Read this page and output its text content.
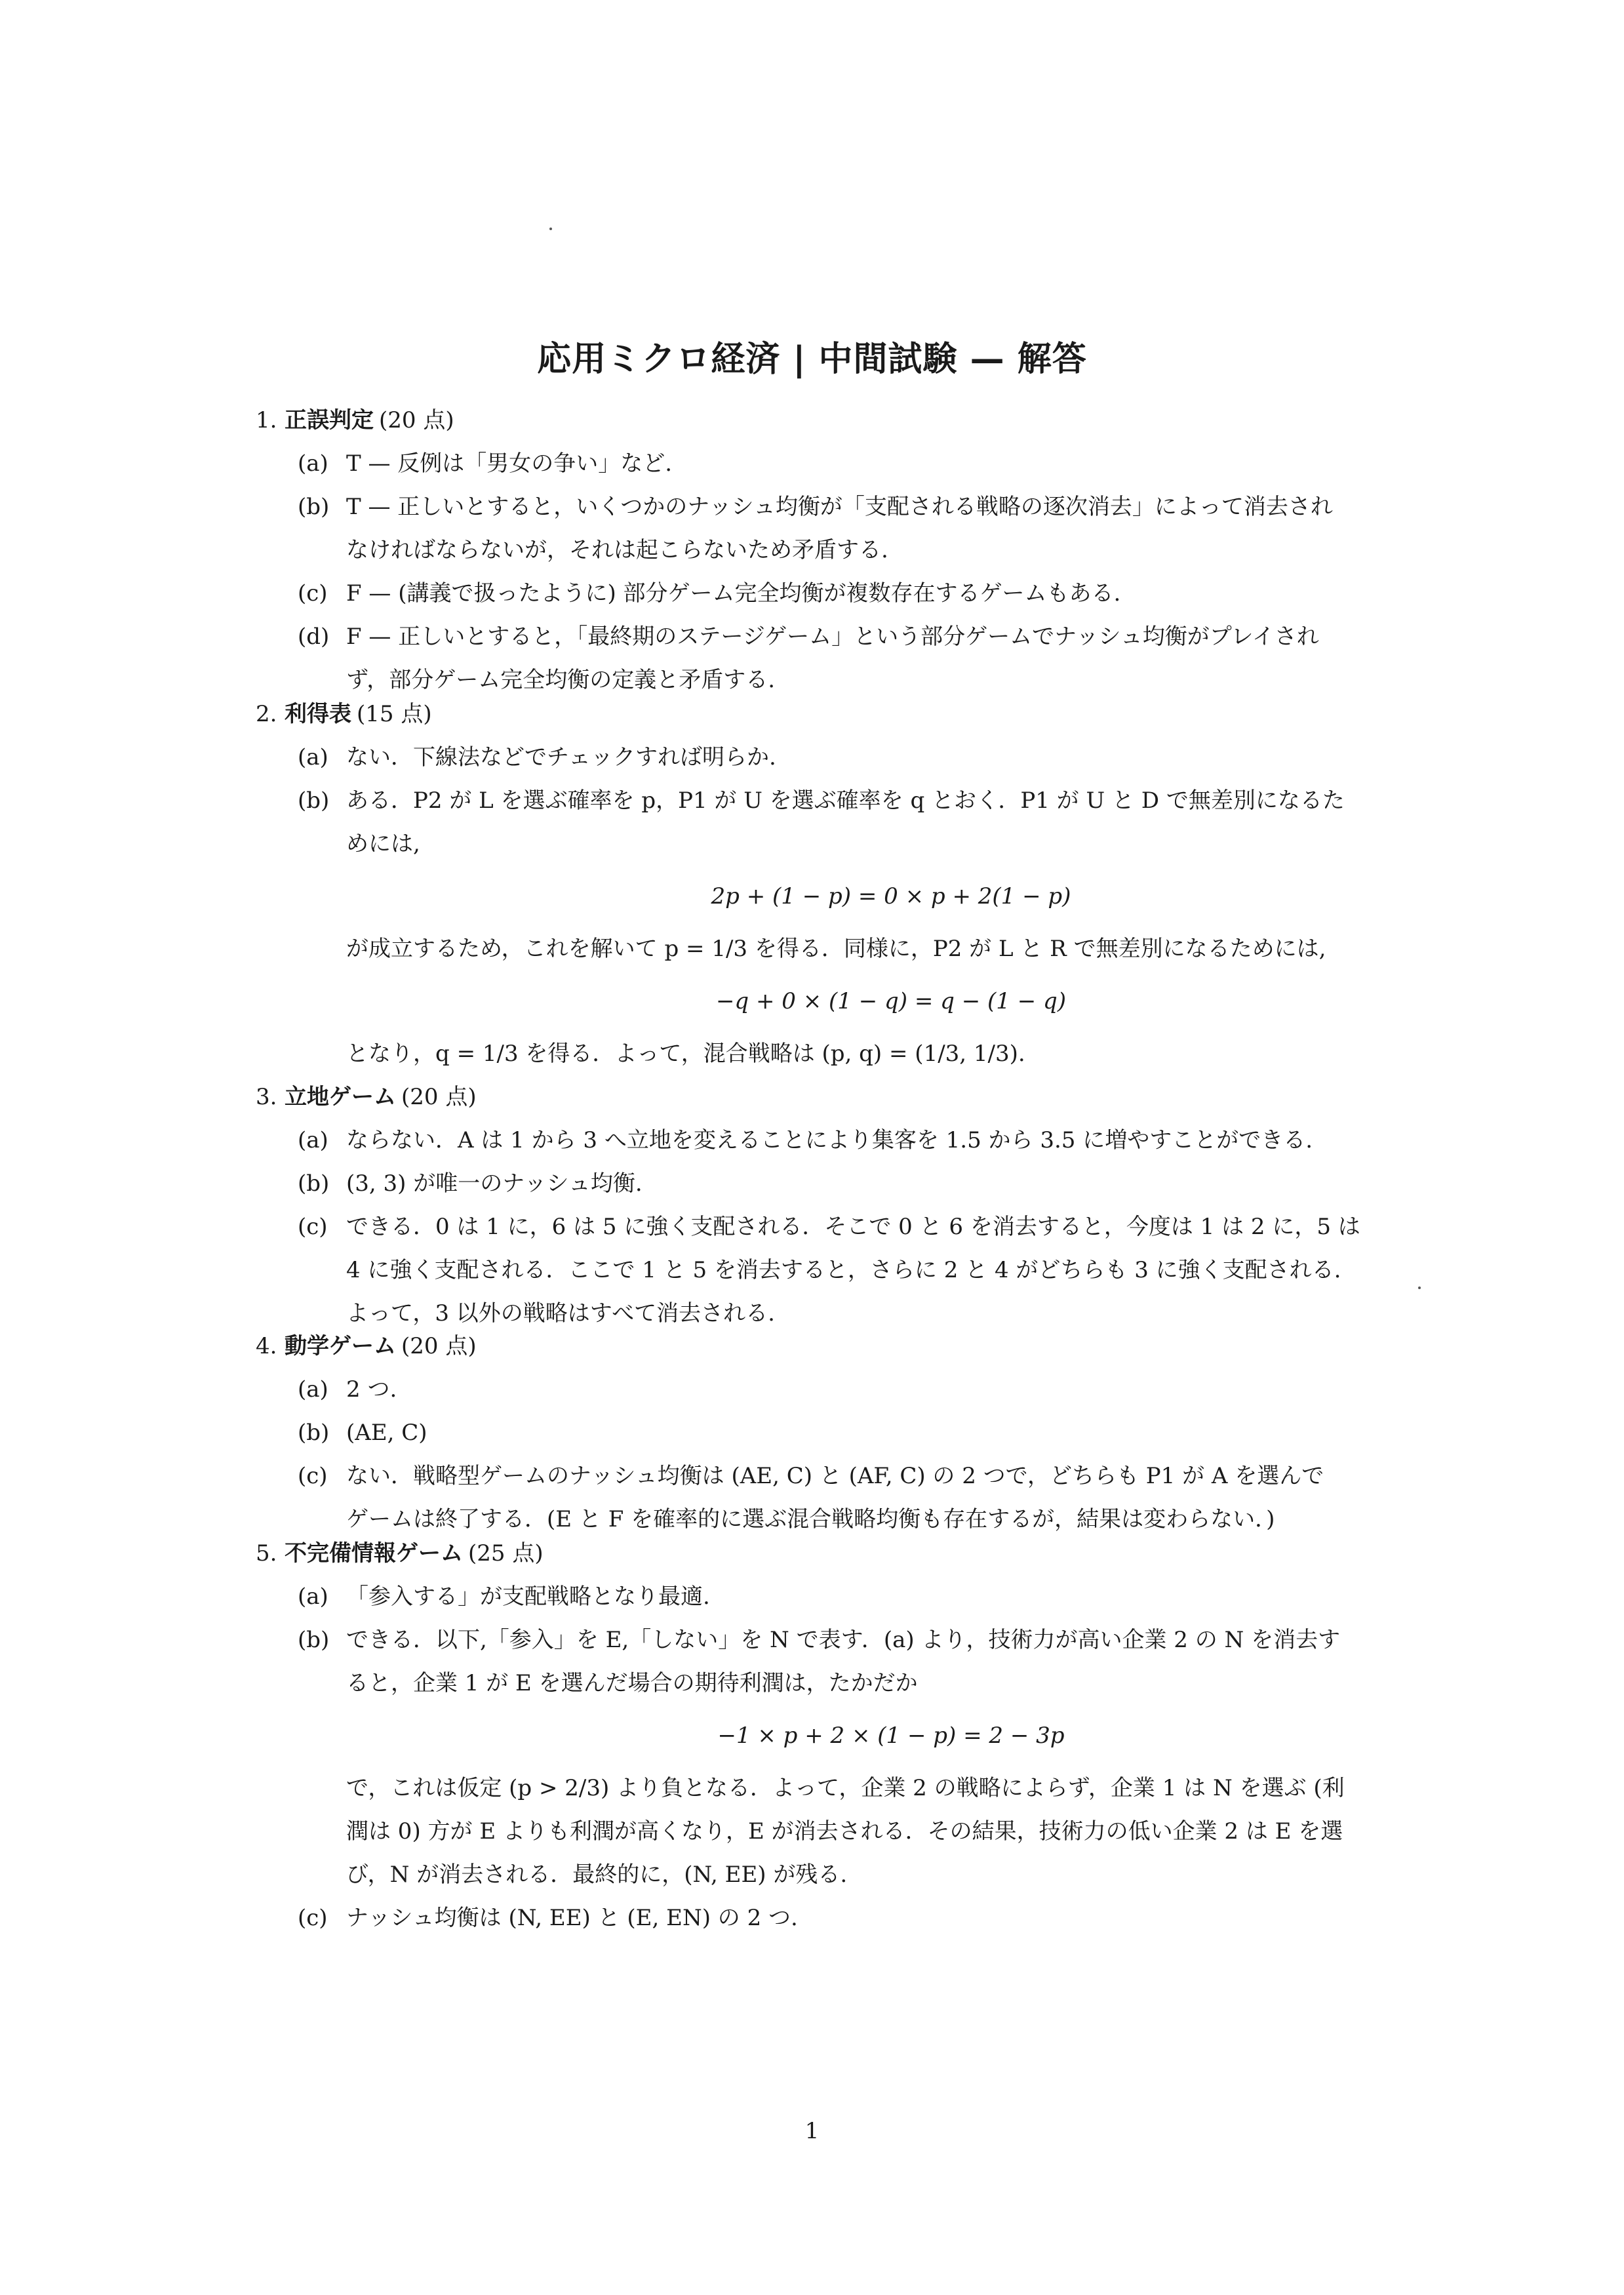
応用ミクロ経済 | 中間試験 — 解答
1. 正誤判定 (20 点)
(a) T — 反例は「男女の争い」など.
(b) T — 正しいとすると，いくつかのナッシュ均衡が「支配される戦略の逐次消去」によって消去され
なければならないが，それは起こらないため矛盾する.
(c) F — (講義で扱ったように) 部分ゲーム完全均衡が複数存在するゲームもある.
(d) F — 正しいとすると，「最終期のステージゲーム」という部分ゲームでナッシュ均衡がプレイされ
ず，部分ゲーム完全均衡の定義と矛盾する.
2. 利得表 (15 点)
(a) ない．下線法などでチェックすれば明らか.
(b) ある．P2 が L を選ぶ確率を p，P1 が U を選ぶ確率を q とおく．P1 が U と D で無差別になるた
めには,
2p + (1 − p) = 0 × p + 2(1 − p)
が成立するため，これを解いて p = 1/3 を得る．同様に，P2 が L と R で無差別になるためには,
−q + 0 × (1 − q) = q − (1 − q)
となり，q = 1/3 を得る．よって，混合戦略は (p, q) = (1/3, 1/3).
3. 立地ゲーム (20 点)
(a) ならない．A は 1 から 3 へ立地を変えることにより集客を 1.5 から 3.5 に増やすことができる.
(b) (3, 3) が唯一のナッシュ均衡.
(c) できる．0 は 1 に，6 は 5 に強く支配される．そこで 0 と 6 を消去すると，今度は 1 は 2 に，5 は
4 に強く支配される．ここで 1 と 5 を消去すると，さらに 2 と 4 がどちらも 3 に強く支配される.
よって，3 以外の戦略はすべて消去される.
4. 動学ゲーム (20 点)
(a) 2 つ.
(b) (AE, C)
(c) ない．戦略型ゲームのナッシュ均衡は (AE, C) と (AF, C) の 2 つで，どちらも P1 が A を選んで
ゲームは終了する．(E と F を確率的に選ぶ混合戦略均衡も存在するが，結果は変わらない．)
5. 不完備情報ゲーム (25 点)
(a) 「参入する」が支配戦略となり最適.
(b) できる．以下,「参入」を E,「しない」を N で表す．(a) より，技術力が高い企業 2 の N を消去す
ると，企業 1 が E を選んだ場合の期待利潤は，たかだか
−1 × p + 2 × (1 − p) = 2 − 3p
で，これは仮定 (p > 2/3) より負となる．よって，企業 2 の戦略によらず，企業 1 は N を選ぶ (利
潤は 0) 方が E よりも利潤が高くなり，E が消去される．その結果，技術力の低い企業 2 は E を選
び，N が消去される．最終的に，(N, EE) が残る.
(c) ナッシュ均衡は (N, EE) と (E, EN) の 2 つ.
1
